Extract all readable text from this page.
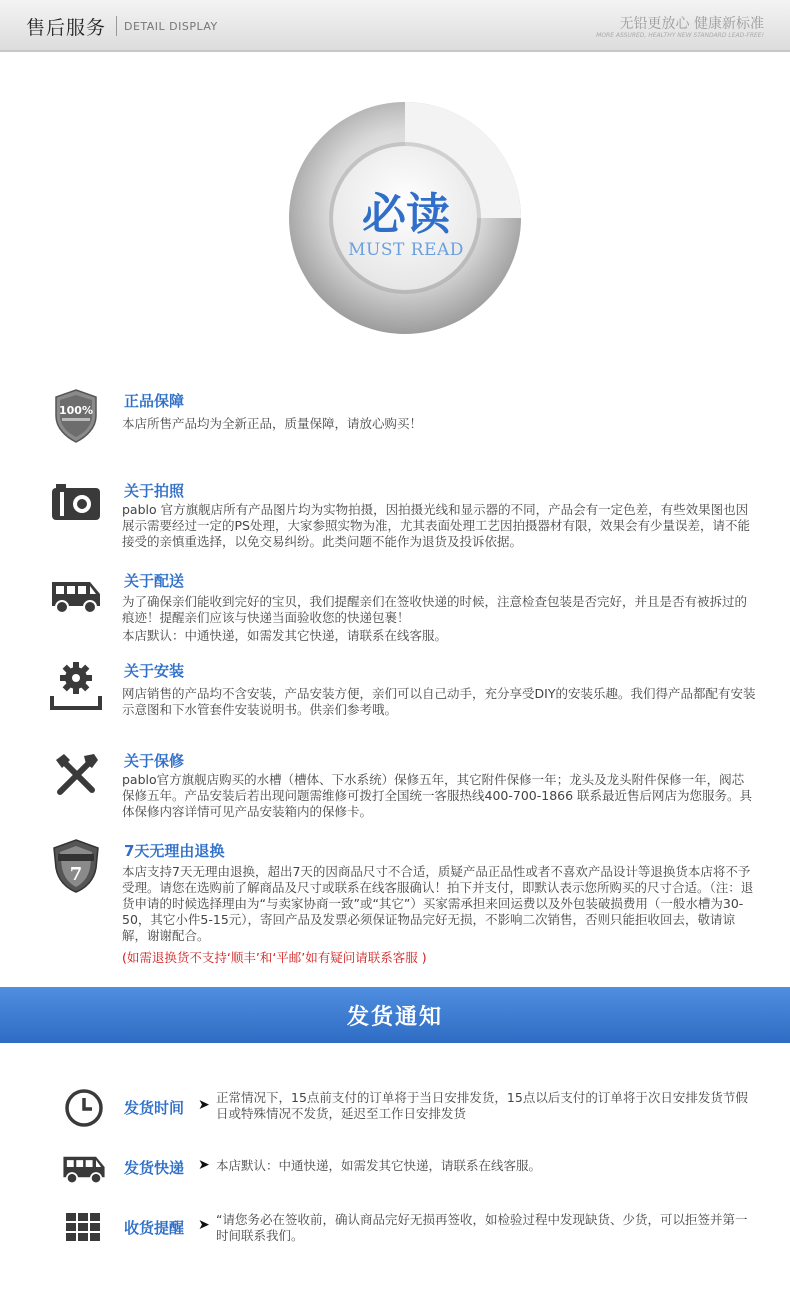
售后服务 DETAIL DISPLAY	无铅更放心 健康新标准
MORE ASSURED, HEALTHY NEW STANDARD LEAD-FREE!
必读
MUST READ
100%
正品保障
本店所售产品均为全新正品，质量保障，请放心购买！
关于拍照
pablo 官方旗舰店所有产品图片均为实物拍摄，因拍摄光线和显示器的不同，产品会有一定色差，有些效果图也因展示需要经过一定的PS处理，大家参照实物为准，尤其表面处理工艺因拍摄器材有限，效果会有少量误差，请不能接受的亲慎重选择，以免交易纠纷。此类问题不能作为退货及投诉依据。
关于配送
为了确保亲们能收到完好的宝贝，我们提醒亲们在签收快递的时候，注意检查包装是否完好，并且是否有被拆过的痕迹！提醒亲们应该与快递当面验收您的快递包裹！
本店默认：中通快递，如需发其它快递，请联系在线客服。
关于安装
网店销售的产品均不含安装，产品安装方便，亲们可以自己动手，充分享受DIY的安装乐趣。我们得产品都配有安装示意图和下水管套件安装说明书。供亲们参考哦。
关于保修
pablo官方旗舰店购买的水槽（槽体、下水系统）保修五年，其它附件保修一年；龙头及龙头附件保修一年，阀芯保修五年。产品安装后若出现问题需维修可拨打全国统一客服热线400-700-1866 联系最近售后网店为您服务。具体保修内容详情可见产品安装箱内的保修卡。
7
7天无理由退换
本店支持7天无理由退换，超出7天的因商品尺寸不合适，质疑产品正品性或者不喜欢产品设计等退换货本店将不予受理。请您在选购前了解商品及尺寸或联系在线客服确认！拍下并支付，即默认表示您所购买的尺寸合适。（注：退货申请的时候选择理由为“与卖家协商一致”或“其它”）买家需承担来回运费以及外包装破损费用（一般水槽为30-50，其它小件5-15元），寄回产品及发票必须保证物品完好无损，不影响二次销售，否则只能拒收回去，敬请谅解，谢谢配合。
(如需退换货不支持‘顺丰’和‘平邮’如有疑问请联系客服 )
发货通知
发货时间 ➤ 正常情况下，15点前支付的订单将于当日安排发货，15点以后支付的订单将于次日安排发货节假日或特殊情况不发货，延迟至工作日安排发货
发货快递 ➤ 本店默认：中通快递，如需发其它快递，请联系在线客服。
收货提醒 ➤ “请您务必在签收前，确认商品完好无损再签收，如检验过程中发现缺货、少货，可以拒签并第一时间联系我们。
